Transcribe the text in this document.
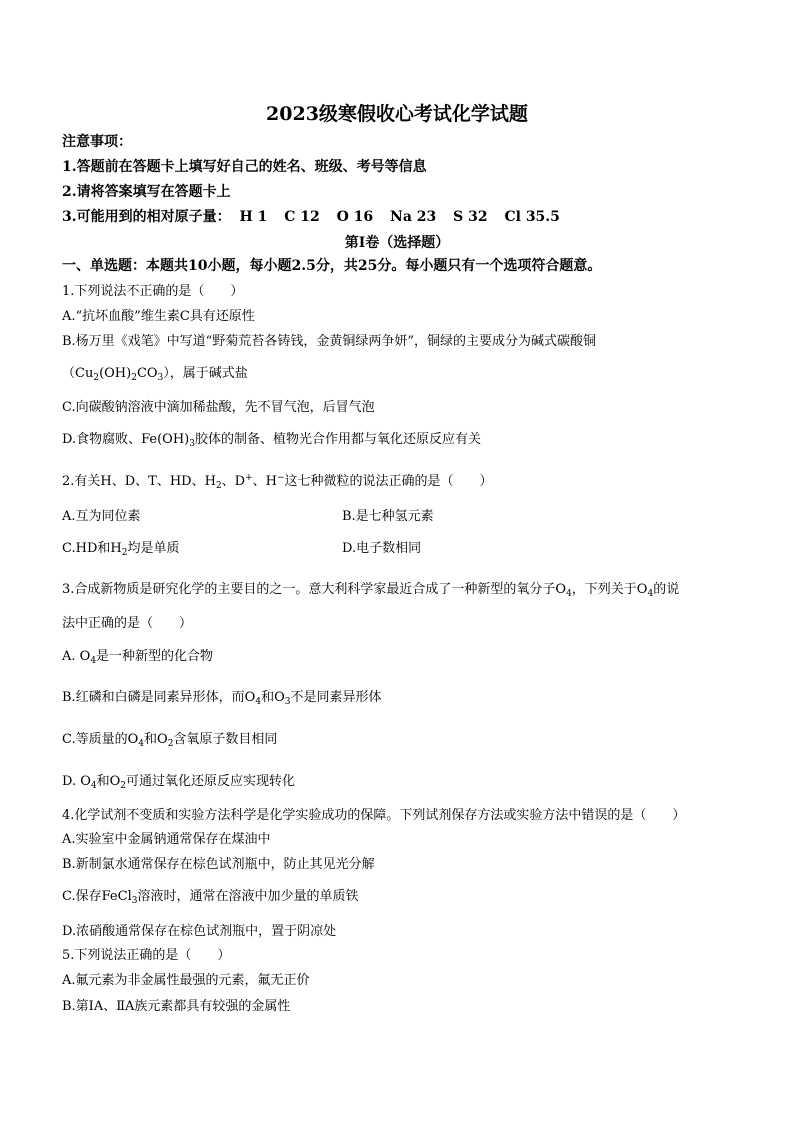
2023级寒假收心考试化学试题
注意事项：
1.答题前在答题卡上填写好自己的姓名、班级、考号等信息
2.请将答案填写在答题卡上
3.可能用到的相对原子量： H 1 C 12 O 16 Na 23 S 32 Cl 35.5
第Ⅰ卷（选择题）
一、单选题：本题共10小题，每小题2.5分，共25分。每小题只有一个选项符合题意。
1.下列说法不正确的是（　　）
A.“抗坏血酸”维生素C具有还原性
B.杨万里《戏笔》中写道“野菊荒苔各铸钱，金黄铜绿两争妍”，铜绿的主要成分为碱式碳酸铜
$(Cu_2(OH)_2CO_3)$，属于碱式盐
C.向碳酸钠溶液中滴加稀盐酸，先不冒气泡，后冒气泡
D.食物腐败、$Fe(OH)_3$胶体的制备、植物光合作用都与氧化还原反应有关
2.有关H、D、T、HD、$H_2$、D+、H−这七种微粒的说法正确的是（　　）
A.互为同位素	B.是七种氢元素
C.HD和$H_2$均是单质	D.电子数相同
3.合成新物质是研究化学的主要目的之一。意大利科学家最近合成了一种新型的氧分子$O_4$，下列关于$O_4$的说
法中正确的是（　　）
A. $O_4$是一种新型的化合物
B.红磷和白磷是同素异形体，而$O_4$和$O_3$不是同素异形体
C.等质量的$O_4$和$O_2$含氧原子数目相同
D. $O_4$和$O_2$可通过氧化还原反应实现转化
4.化学试剂不变质和实验方法科学是化学实验成功的保障。下列试剂保存方法或实验方法中错误的是（　　）
A.实验室中金属钠通常保存在煤油中
B.新制氯水通常保存在棕色试剂瓶中，防止其见光分解
C.保存FeCl$_3$溶液时，通常在溶液中加少量的单质铁
D.浓硝酸通常保存在棕色试剂瓶中，置于阴凉处
5.下列说法正确的是（　　）
A.氟元素为非金属性最强的元素，氟无正价
B.第ⅠA、ⅡA族元素都具有较强的金属性
